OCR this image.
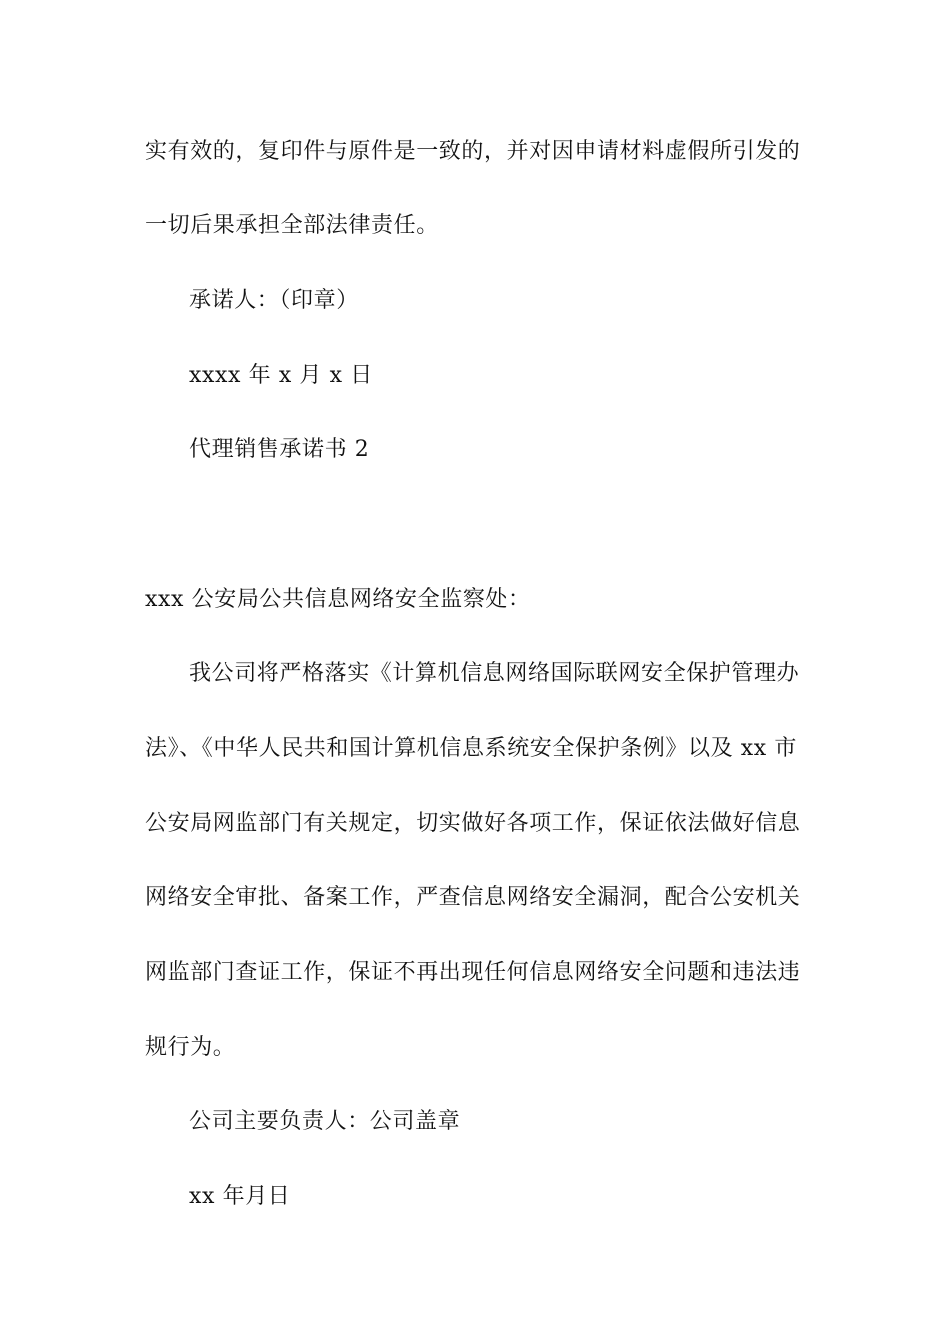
实有效的，复印件与原件是一致的，并对因申请材料虚假所引发的
一切后果承担全部法律责任。
承诺人：（印章）
xxxx 年 x 月 x 日
代理销售承诺书 2
xxx 公安局公共信息网络安全监察处：
我公司将严格落实《计算机信息网络国际联网安全保护管理办
法》、《中华人民共和国计算机信息系统安全保护条例》以及 xx 市
公安局网监部门有关规定，切实做好各项工作，保证依法做好信息
网络安全审批、备案工作，严查信息网络安全漏洞，配合公安机关
网监部门查证工作，保证不再出现任何信息网络安全问题和违法违
规行为。
公司主要负责人：公司盖章
xx 年月日
